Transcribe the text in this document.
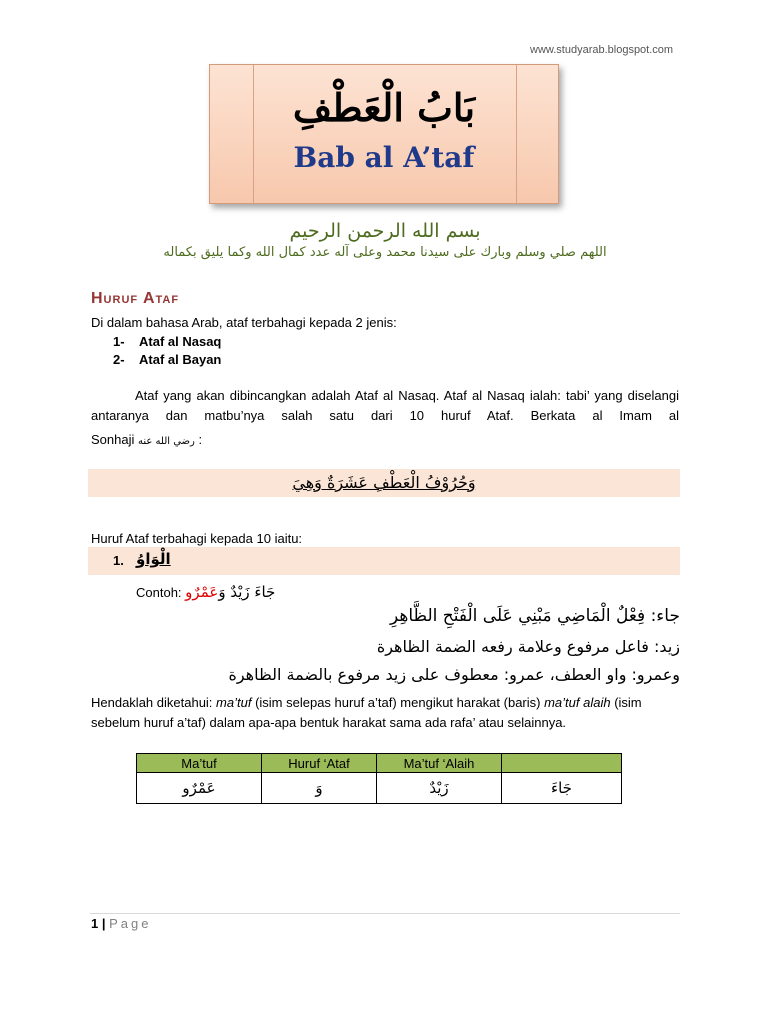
www.studyarab.blogspot.com
بَابُ الْعَطْفِ
Bab al A’taf
بسم الله الرحمن الرحيم
اللهم صلي وسلم وبارك على سيدنا محمد وعلى آله عدد كمال الله وكما يليق بكماله
Huruf Ataf
Di dalam bahasa Arab, ataf terbahagi kepada 2 jenis:
1- Ataf al Nasaq
2- Ataf al Bayan
Ataf yang akan dibincangkan adalah Ataf al Nasaq. Ataf al Nasaq ialah: tabi’ yang diselangi antaranya dan matbu’nya salah satu dari 10 huruf Ataf. Berkata al Imam al
Sonhaji رضي الله عنه :
وَحُرُوْفُ الْعَطْفِ عَشَرَةٌ وَهِيَ
Huruf Ataf terbahagi kepada 10 iaitu:
1. الْوَاوُ
Contoh: جَاءَ زَيْدٌ وَعَمْرٌو
جاء: فِعْلٌ الْمَاضِي مَبْنِي عَلَى الْفَتْحِ الظَّاهِرِ
زيد: فاعل مرفوع وعلامة رفعه الضمة الظاهرة
وعمرو: واو العطف، عمرو: معطوف على زيد مرفوع بالضمة الظاهرة
Hendaklah diketahui: ma’tuf (isim selepas huruf a’taf) mengikut harakat (baris) ma’tuf alaih (isim sebelum huruf a’taf) dalam apa-apa bentuk harakat sama ada rafa’ atau selainnya.
Ma’tuf	Huruf ‘Ataf	Ma’tuf ‘Alaih	
عَمْرٌو	وَ	زَيْدٌ	جَاءَ
1 | Page
